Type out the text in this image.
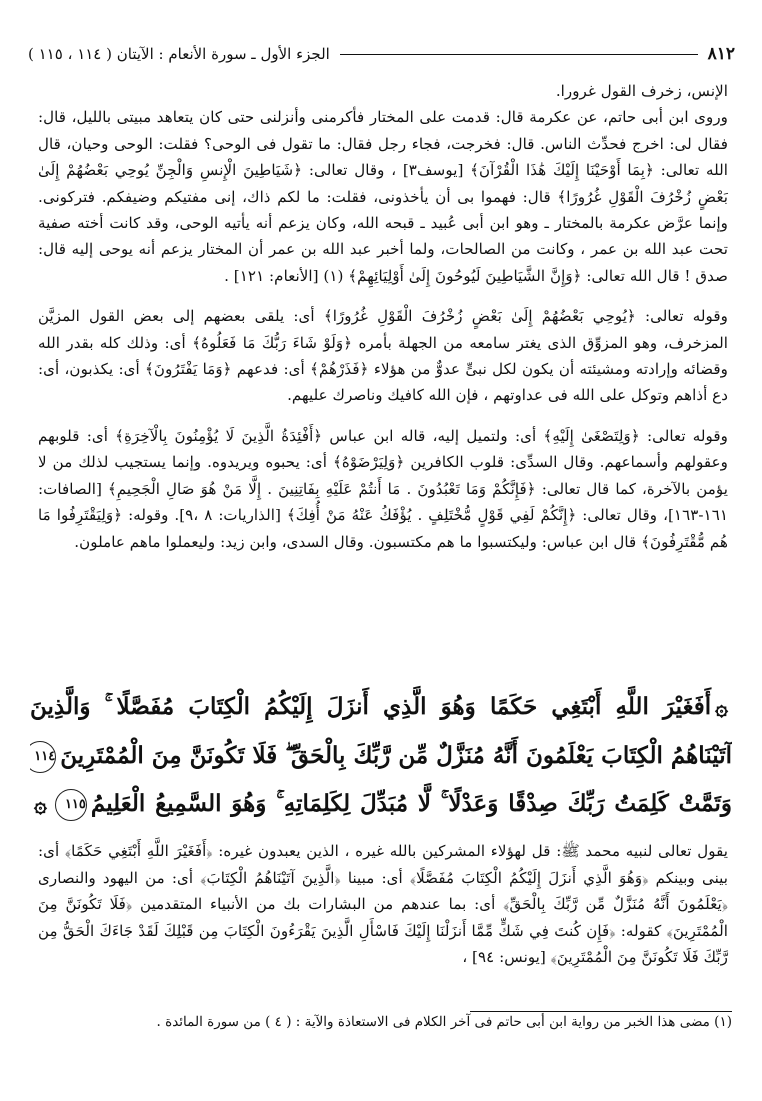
٨١٢
الجزء الأول ـ سورة الأنعام : الآيتان ( ١١٤ ، ١١٥ )

الإنس، زخرف القول غرورا.

وروى ابن أبى حاتم، عن عكرمة قال: قدمت على المختار فأكرمنى وأنزلنى حتى كان يتعاهد مبيتى بالليل، قال: فقال لى: اخرج فحدِّث الناس. قال: فخرجت، فجاء رجل فقال: ما تقول فى الوحى؟ فقلت: الوحى وحيان، قال الله تعالى: ﴿بِمَا أَوْحَيْنَا إِلَيْكَ هَٰذَا الْقُرْآنَ﴾ [يوسف٣] ، وقال تعالى: ﴿شَيَاطِينَ الْإِنسِ وَالْجِنِّ يُوحِي بَعْضُهُمْ إِلَىٰ بَعْضٍ زُخْرُفَ الْقَوْلِ غُرُورًا﴾ قال: فهموا بى أن يأخذونى، فقلت: ما لكم ذاك، إنى مفتيكم وضيفكم. فتركونى. وإنما عرَّض عكرمة بالمختار ـ وهو ابن أبى عُبيد ـ قبحه الله، وكان يزعم أنه يأتيه الوحى، وقد كانت أخته صفية تحت عبد الله بن عمر ، وكانت من الصالحات، ولما أخبر عبد الله بن عمر أن المختار يزعم أنه يوحى إليه قال: صدق ! قال الله تعالى: ﴿وَإِنَّ الشَّيَاطِينَ لَيُوحُونَ إِلَىٰ أَوْلِيَائِهِمْ﴾ (١) [الأنعام: ١٢١] .

وقوله تعالى: ﴿يُوحِي بَعْضُهُمْ إِلَىٰ بَعْضٍ زُخْرُفَ الْقَوْلِ غُرُورًا﴾ أى: يلقى بعضهم إلى بعض القول المزيَّن المزخرف، وهو المزوِّق الذى يغتر سامعه من الجهلة بأمره ﴿وَلَوْ شَاءَ رَبُّكَ مَا فَعَلُوهُ﴾ أى: وذلك كله بقدر الله وقضائه وإرادته ومشيئته أن يكون لكل نبىٍّ عدوٌّ من هؤلاء ﴿فَذَرْهُمْ﴾ أى: فدعهم ﴿وَمَا يَفْتَرُونَ﴾ أى: يكذبون، أى: دع أذاهم وتوكل على الله فى عداوتهم ، فإن الله كافيك وناصرك عليهم.

وقوله تعالى: ﴿وَلِتَصْغَىٰ إِلَيْهِ﴾ أى: ولتميل إليه، قاله ابن عباس ﴿أَفْئِدَةُ الَّذِينَ لَا يُؤْمِنُونَ بِالْآخِرَةِ﴾ أى: قلوبهم وعقولهم وأسماعهم. وقال السدِّى: قلوب الكافرين ﴿وَلِيَرْضَوْهُ﴾ أى: يحبوه ويريدوه. وإنما يستجيب لذلك من لا يؤمن بالآخرة، كما قال تعالى: ﴿فَإِنَّكُمْ وَمَا تَعْبُدُونَ . مَا أَنتُمْ عَلَيْهِ بِفَاتِنِينَ . إِلَّا مَنْ هُوَ صَالِ الْجَحِيمِ﴾ [الصافات: ١٦١-١٦٣]، وقال تعالى: ﴿إِنَّكُمْ لَفِي قَوْلٍ مُّخْتَلِفٍ . يُؤْفَكُ عَنْهُ مَنْ أُفِكَ﴾ [الذاريات: ٨ ،٩]. وقوله: ﴿وَلِيَقْتَرِفُوا مَا هُم مُّقْتَرِفُونَ﴾ قال ابن عباس: وليكتسبوا ما هم مكتسبون. وقال السدى، وابن زيد: وليعملوا ماهم عاملون.

۞أَفَغَيْرَ اللَّهِ أَبْتَغِي حَكَمًا وَهُوَ الَّذِي أَنزَلَ إِلَيْكُمُ الْكِتَابَ مُفَصَّلًا ۚ وَالَّذِينَ
آتَيْنَاهُمُ الْكِتَابَ يَعْلَمُونَ أَنَّهُ مُنَزَّلٌ مِّن رَّبِّكَ بِالْحَقِّ ۖ فَلَا تَكُونَنَّ مِنَ الْمُمْتَرِينَ١١٤
وَتَمَّتْ كَلِمَتُ رَبِّكَ صِدْقًا وَعَدْلًا ۚ لَّا مُبَدِّلَ لِكَلِمَاتِهِ ۚ وَهُوَ السَّمِيعُ الْعَلِيمُ١١٥۞

يقول تعالى لنبيه محمد ﷺ: قل لهؤلاء المشركين بالله غيره ، الذين يعبدون غيره: ﴿أَفَغَيْرَ اللَّهِ أَبْتَغِي حَكَمًا﴾ أى: بينى وبينكم ﴿وَهُوَ الَّذِي أَنزَلَ إِلَيْكُمُ الْكِتَابَ مُفَصَّلًا﴾ أى: مبينا ﴿الَّذِينَ آتَيْنَاهُمُ الْكِتَابَ﴾ أى: من اليهود والنصارى ﴿يَعْلَمُونَ أَنَّهُ مُنَزَّلٌ مِّن رَّبِّكَ بِالْحَقِّ﴾ أى: بما عندهم من البشارات بك من الأنبياء المتقدمين ﴿فَلَا تَكُونَنَّ مِنَ الْمُمْتَرِينَ﴾ كقوله: ﴿فَإِن كُنتَ فِي شَكٍّ مِّمَّا أَنزَلْنَا إِلَيْكَ فَاسْأَلِ الَّذِينَ يَقْرَءُونَ الْكِتَابَ مِن قَبْلِكَ لَقَدْ جَاءَكَ الْحَقُّ مِن رَّبِّكَ فَلَا تَكُونَنَّ مِنَ الْمُمْتَرِينَ﴾ [يونس: ٩٤] ،

(١) مضى هذا الخبر من رواية ابن أبى حاتم فى آخر الكلام فى الاستعاذة والآية : ( ٤ ) من سورة المائدة .
